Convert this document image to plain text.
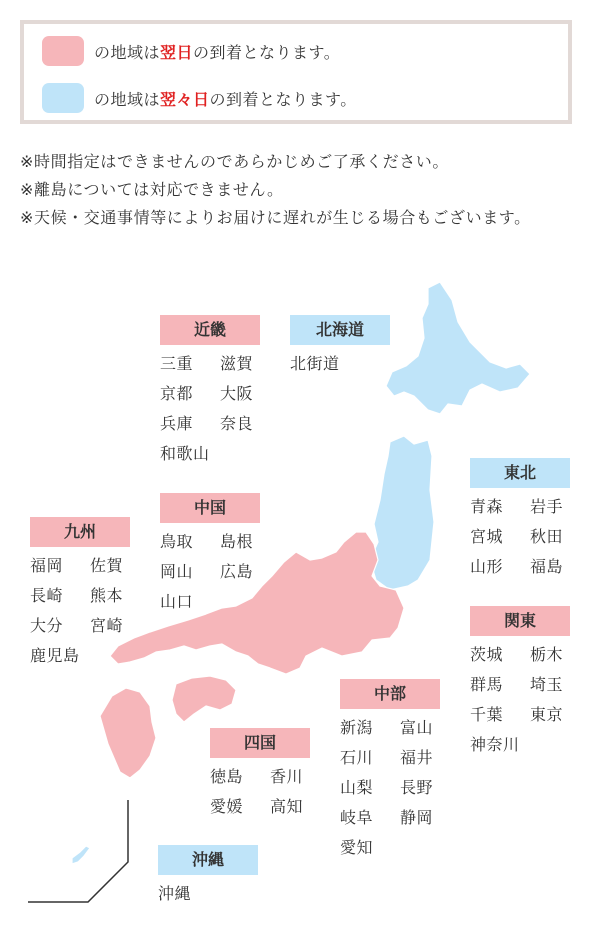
の地域は翌日の到着となります。
の地域は翌々日の到着となります。
※時間指定はできませんのであらかじめご了承ください。
※離島については対応できません。
※天候・交通事情等によりお届けに遅れが生じる場合もございます。
近畿
三重	滋賀
京都	大阪
兵庫	奈良
和歌山
北海道
北街道
東北
青森	岩手
宮城	秋田
山形	福島
中国
鳥取	島根
岡山	広島
山口
九州
福岡	佐賀
長崎	熊本
大分	宮崎
鹿児島
関東
茨城	栃木
群馬	埼玉
千葉	東京
神奈川
中部
新潟	富山
石川	福井
山梨	長野
岐阜	静岡
愛知
四国
徳島	香川
愛媛	高知
沖縄
沖縄
